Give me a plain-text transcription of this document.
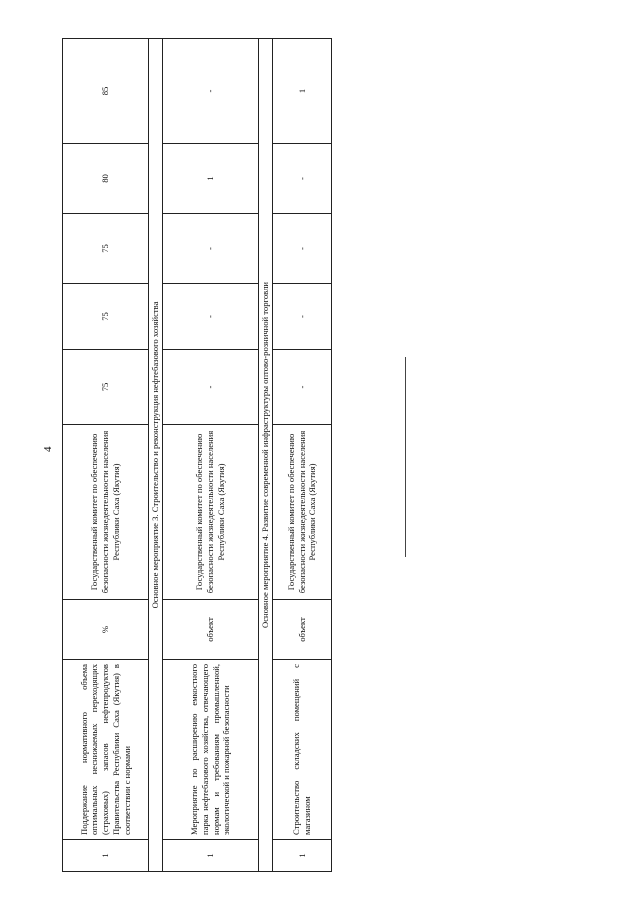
4
1	Поддержание нормативного объема оптимальных неснижаемых переходящих (страховых) запасов нефтепродуктов Правительства Республики Саха (Якутия) в соответствии с нормами	%	Государственный комитет по обеспечению безопасности жизнедеятельности населения Республики Саха (Якутия)	75	75	75	80	85
Основное мероприятие 3. Строительство и реконструкция нефтебазового хозяйства								
1	Мероприятие по расширению емкостного парка нефтебазового хозяйства, отвечающего нормам и требованиям промышленной, экологической и пожарной безопасности	объект	Государственный комитет по обеспечению безопасности жизнедеятельности населения Республики Саха (Якутия)	-	-	-	1	-
Основное мероприятие 4. Развитие современной инфраструктуры оптово-розничной торговли								
1	Строительство складских помещений с магазином	объект	Государственный комитет по обеспечению безопасности жизнедеятельности населения Республики Саха (Якутия)	-	-	-	-	1
